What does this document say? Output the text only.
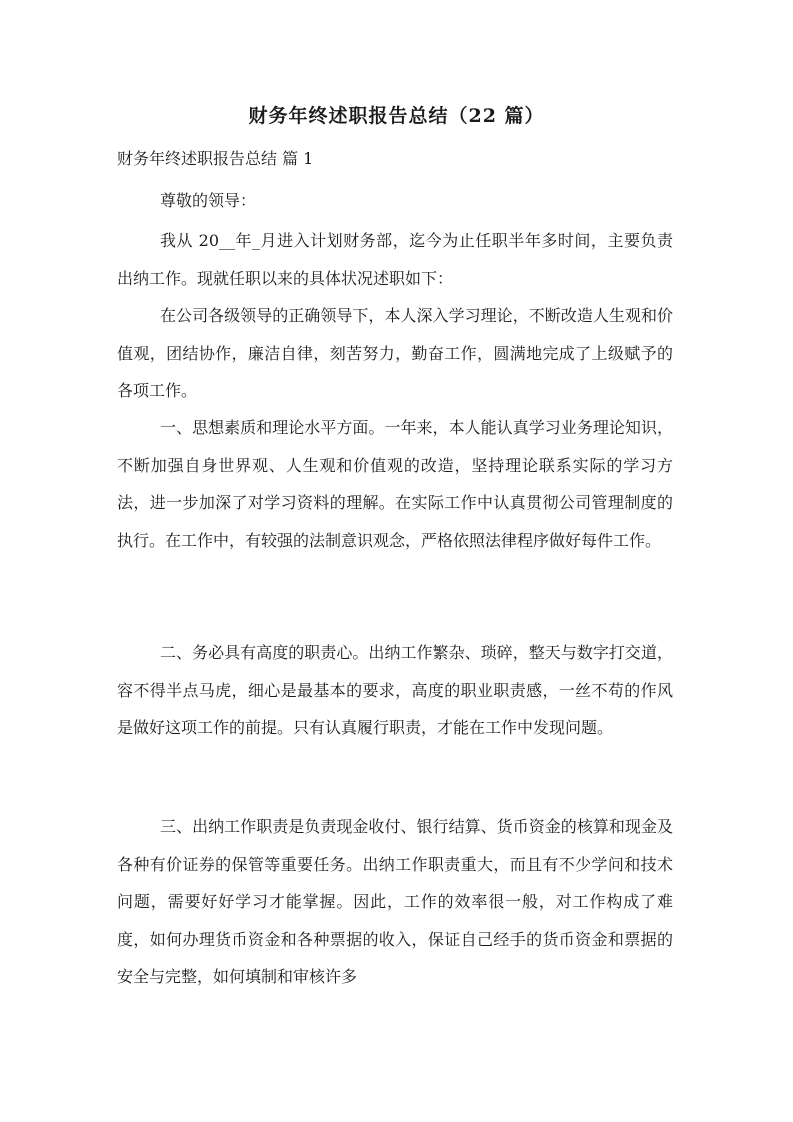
财务年终述职报告总结（22 篇）
财务年终述职报告总结 篇 1
尊敬的领导：

我从 20__年_月进入计划财务部，迄今为止任职半年多时间，主要负责出纳工作。现就任职以来的具体状况述职如下：

在公司各级领导的正确领导下，本人深入学习理论，不断改造人生观和价值观，团结协作，廉洁自律，刻苦努力，勤奋工作，圆满地完成了上级赋予的各项工作。

一、思想素质和理论水平方面。一年来，本人能认真学习业务理论知识，不断加强自身世界观、人生观和价值观的改造，坚持理论联系实际的学习方法，进一步加深了对学习资料的理解。在实际工作中认真贯彻公司管理制度的执行。在工作中，有较强的法制意识观念，严格依照法律程序做好每件工作。

二、务必具有高度的职责心。出纳工作繁杂、琐碎，整天与数字打交道，容不得半点马虎，细心是最基本的要求，高度的职业职责感，一丝不苟的作风是做好这项工作的前提。只有认真履行职责，才能在工作中发现问题。

三、出纳工作职责是负责现金收付、银行结算、货币资金的核算和现金及各种有价证券的保管等重要任务。出纳工作职责重大，而且有不少学问和技术问题，需要好好学习才能掌握。因此，工作的效率很一般，对工作构成了难度，如何办理货币资金和各种票据的收入，保证自己经手的货币资金和票据的安全与完整，如何填制和审核许多
